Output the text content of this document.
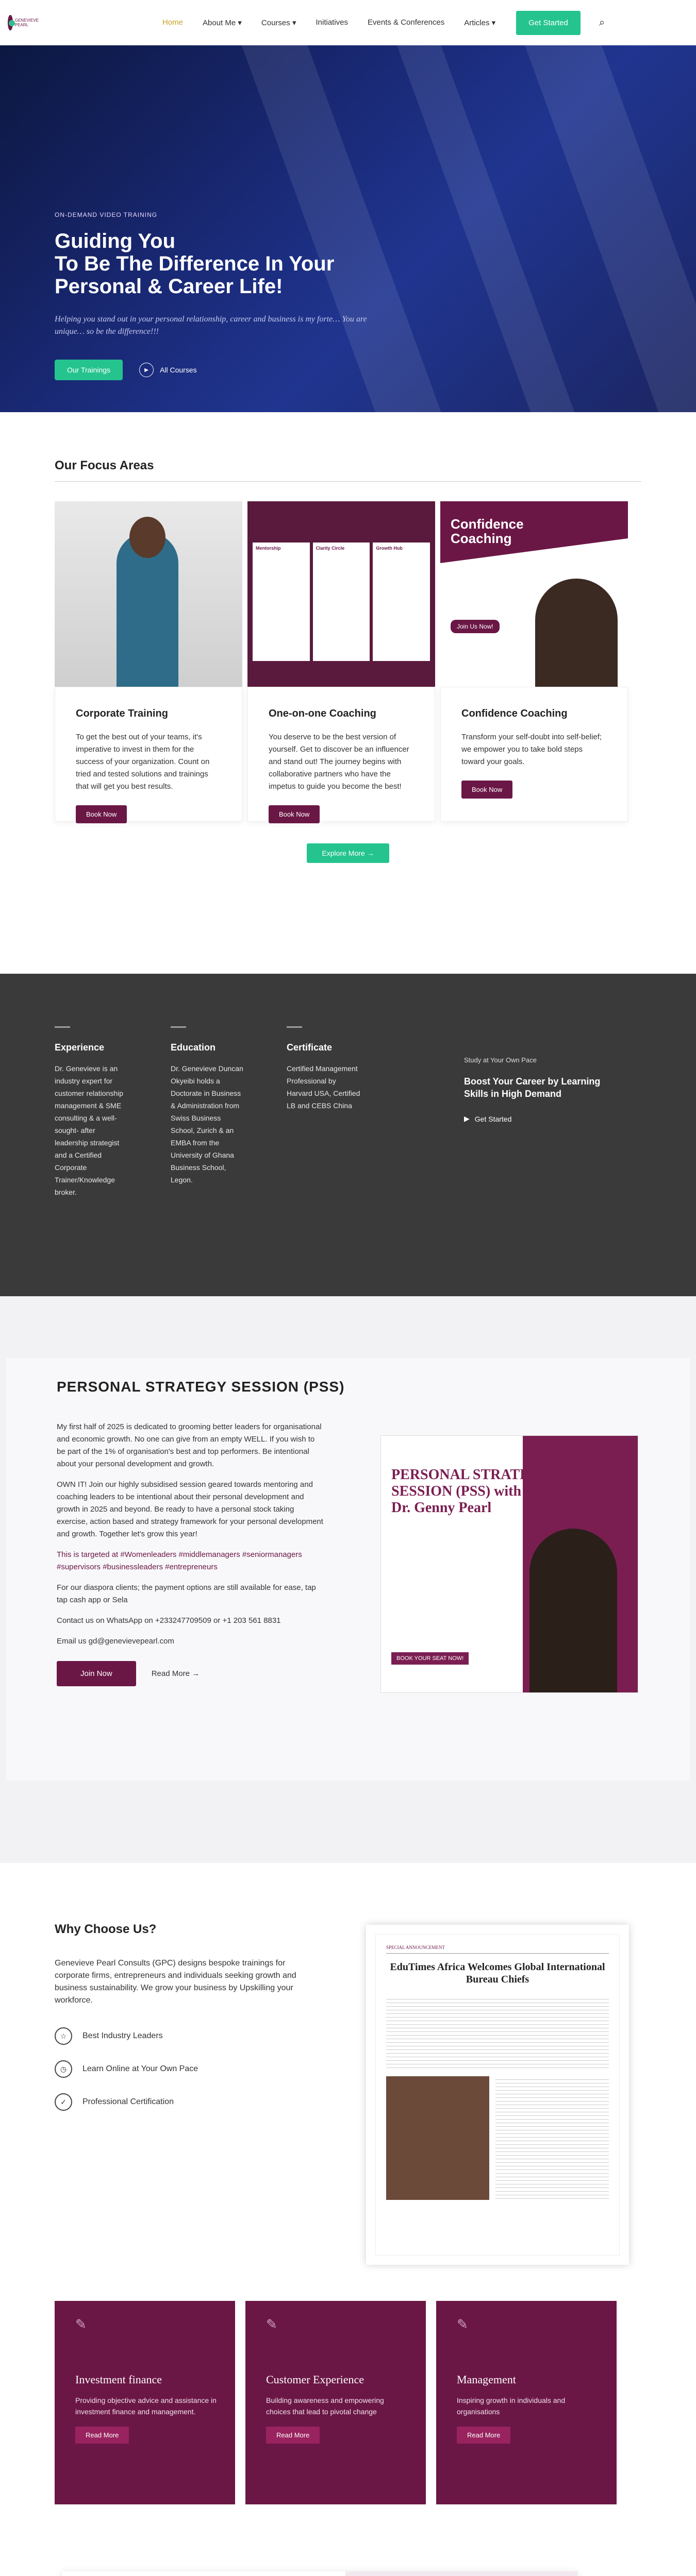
GENEVIEVE
PEARL	Home	About Me ▾	Courses ▾	Initiatives	Events & Conferences	Articles ▾	Get Started	⌕
ON-DEMAND VIDEO TRAINING
Guiding You
To Be The Difference In Your
Personal & Career Life!

Helping you stand out in your personal relationship, career and business is my forte… You are unique… so be the difference!!!

Our Trainings	▶	All Courses
Our Focus Areas
Corporate Training

To get the best out of your teams, it's imperative to invest in them for the success of your organization. Count on tried and tested solutions and trainings that will get you best results.

Book Now
Mentorship	Clarity Circle	Growth Hub
One-on-one Coaching

You deserve to be the best version of yourself. Get to discover be an influencer and stand out! The journey begins with collaborative partners who have the impetus to guide you become the best!

Book Now
Confidence
Coaching
Join Us Now!
Confidence Coaching

Transform your self-doubt into self-belief; we empower you to take bold steps toward your goals.

Book Now
Explore More →
Experience

Dr. Genevieve is an industry expert for customer relationship management & SME consulting & a well-sought- after leadership strategist and a Certified Corporate Trainer/Knowledge broker.

Education

Dr. Genevieve Duncan Okyeibi holds a Doctorate in Business & Administration from Swiss Business School, Zurich & an EMBA from the University of Ghana Business School, Legon.

Certificate

Certified Management Professional by Harvard USA, Certified LB and CEBS China

Study at Your Own Pace
Boost Your Career by Learning Skills in High Demand
▶ Get Started
PERSONAL STRATEGY SESSION (PSS)

My first half of 2025 is dedicated to grooming better leaders for organisational and economic growth. No one can give from an empty WELL. If you wish to be part of the 1% of organisation's best and top performers. Be intentional about your personal development and growth.

OWN IT! Join our highly subsidised session geared towards mentoring and coaching leaders to be intentional about their personal development and growth in 2025 and beyond. Be ready to have a personal stock taking exercise, action based and strategy framework for your personal development and growth. Together let's grow this year!

This is targeted at #Womenleaders #middlemanagers #seniormanagers #supervisors #businessleaders #entrepreneurs

For our diaspora clients; the payment options are still available for ease, tap tap cash app or Sela

Contact us on WhatsApp on +233247709509 or +1 203 561 8831

Email us gd@genevievepearl.com

Join Now	Read More →
PERSONAL STRATEGY
SESSION (PSS) with
Dr. Genny Pearl
BOOK YOUR SEAT NOW!
Why Choose Us?

Genevieve Pearl Consults (GPC) designs bespoke trainings for corporate firms, entrepreneurs and individuals seeking growth and business sustainability. We grow your business by Upskilling your workforce.

☆	Best Industry Leaders
◷	Learn Online at Your Own Pace
✓	Professional Certification
SPECIAL ANNOUNCEMENT
EduTimes Africa Welcomes Global International Bureau Chiefs
✎
Investment finance

Providing objective advice and assistance in investment finance and management.

Read More
✎
Customer Experience

Building awareness and empowering choices that lead to pivotal change

Read More
✎
Management

Inspiring growth in individuals and organisations

Read More
